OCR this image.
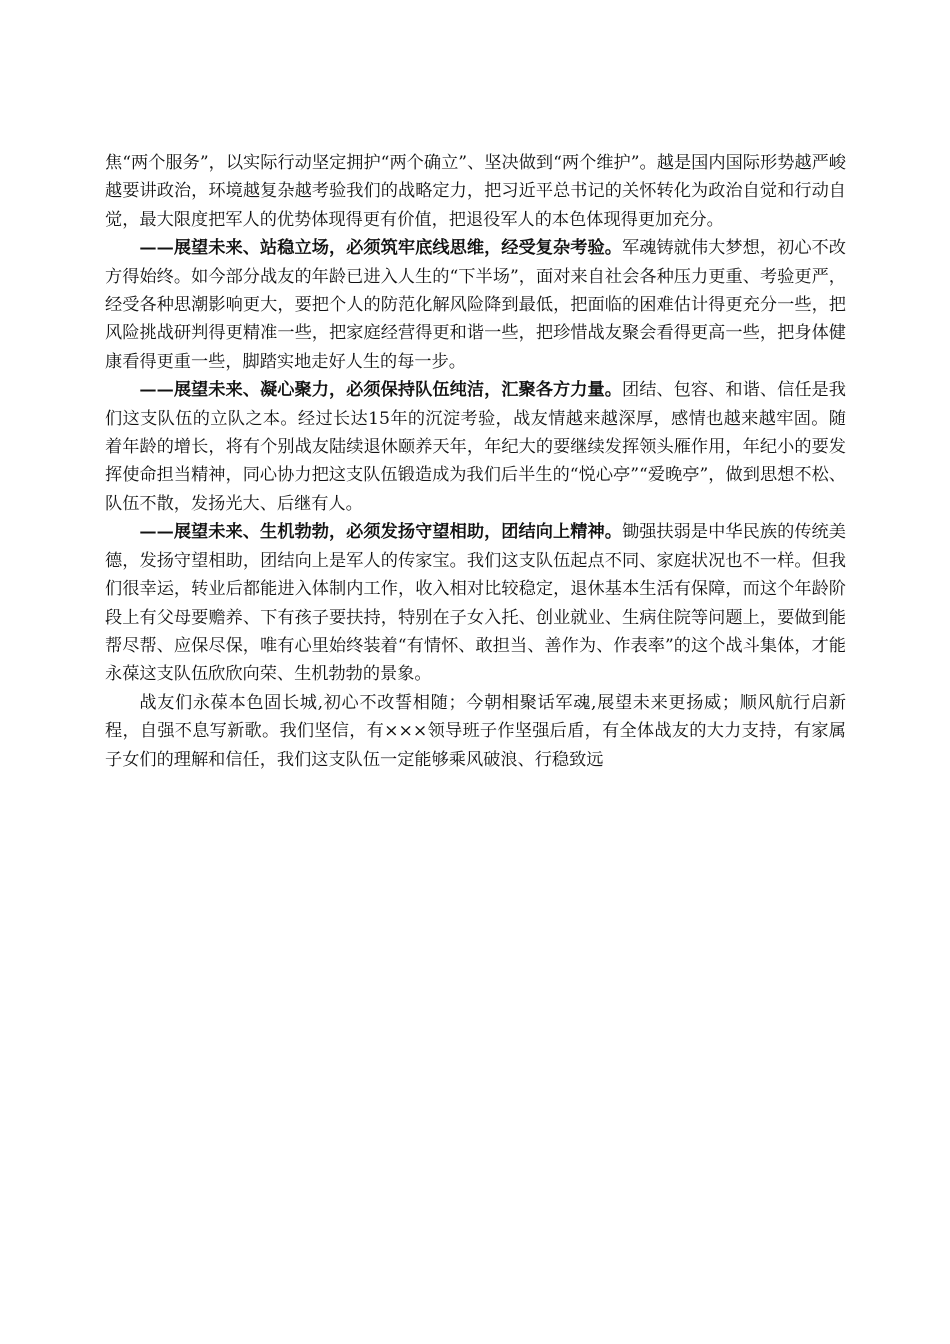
焦“两个服务”，以实际行动坚定拥护“两个确立”、坚决做到“两个维护”。越是国内国际形势越严峻越要讲政治，环境越复杂越考验我们的战略定力，把习近平总书记的关怀转化为政治自觉和行动自觉，最大限度把军人的优势体现得更有价值，把退役军人的本色体现得更加充分。

——展望未来、站稳立场，必须筑牢底线思维，经受复杂考验。军魂铸就伟大梦想，初心不改方得始终。如今部分战友的年龄已进入人生的“下半场”，面对来自社会各种压力更重、考验更严，经受各种思潮影响更大，要把个人的防范化解风险降到最低，把面临的困难估计得更充分一些，把风险挑战研判得更精准一些，把家庭经营得更和谐一些，把珍惜战友聚会看得更高一些，把身体健康看得更重一些，脚踏实地走好人生的每一步。

——展望未来、凝心聚力，必须保持队伍纯洁，汇聚各方力量。团结、包容、和谐、信任是我们这支队伍的立队之本。经过长达15年的沉淀考验，战友情越来越深厚，感情也越来越牢固。随着年龄的增长，将有个别战友陆续退休颐养天年，年纪大的要继续发挥领头雁作用，年纪小的要发挥使命担当精神，同心协力把这支队伍锻造成为我们后半生的“悦心亭”“爱晚亭”，做到思想不松、队伍不散，发扬光大、后继有人。

——展望未来、生机勃勃，必须发扬守望相助，团结向上精神。锄强扶弱是中华民族的传统美德，发扬守望相助，团结向上是军人的传家宝。我们这支队伍起点不同、家庭状况也不一样。但我们很幸运，转业后都能进入体制内工作，收入相对比较稳定，退休基本生活有保障，而这个年龄阶段上有父母要赡养、下有孩子要扶持，特别在子女入托、创业就业、生病住院等问题上，要做到能帮尽帮、应保尽保，唯有心里始终装着“有情怀、敢担当、善作为、作表率”的这个战斗集体，才能永葆这支队伍欣欣向荣、生机勃勃的景象。

战友们永葆本色固长城,初心不改誓相随；今朝相聚话军魂,展望未来更扬威；顺风航行启新程，自强不息写新歌。我们坚信，有×××领导班子作坚强后盾，有全体战友的大力支持，有家属子女们的理解和信任，我们这支队伍一定能够乘风破浪、行稳致远
